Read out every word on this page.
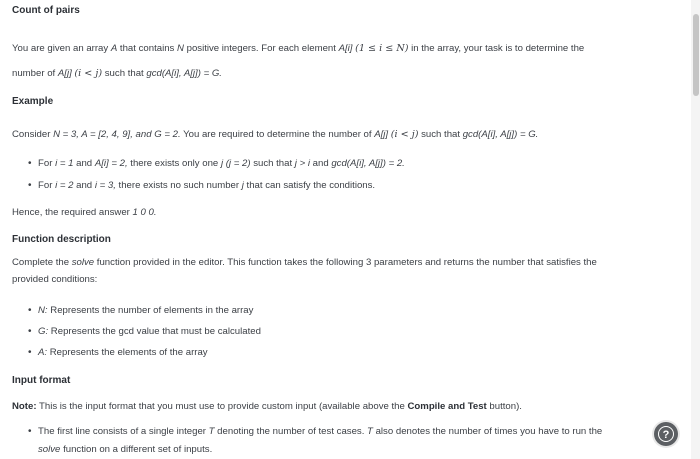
Count of pairs
You are given an array A that contains N positive integers. For each element A[i] (1 ≤ i ≤ N) in the array, your task is to determine the
number of A[j] (i < j) such that gcd(A[i], A[j]) = G.
Example
Consider N = 3, A = [2, 4, 9], and G = 2. You are required to determine the number of A[j] (i < j) such that gcd(A[i], A[j]) = G.
• For i = 1 and A[i] = 2, there exists only one j (j = 2) such that j > i and gcd(A[i], A[j]) = 2.
• For i = 2 and i = 3, there exists no such number j that can satisfy the conditions.
Hence, the required answer 1 0 0.
Function description
Complete the solve function provided in the editor. This function takes the following 3 parameters and returns the number that satisfies the
provided conditions:
• N: Represents the number of elements in the array
• G: Represents the gcd value that must be calculated
• A: Represents the elements of the array
Input format
Note: This is the input format that you must use to provide custom input (available above the Compile and Test button).
• The first line consists of a single integer T denoting the number of test cases. T also denotes the number of times you have to run the
solve function on a different set of inputs.
?
